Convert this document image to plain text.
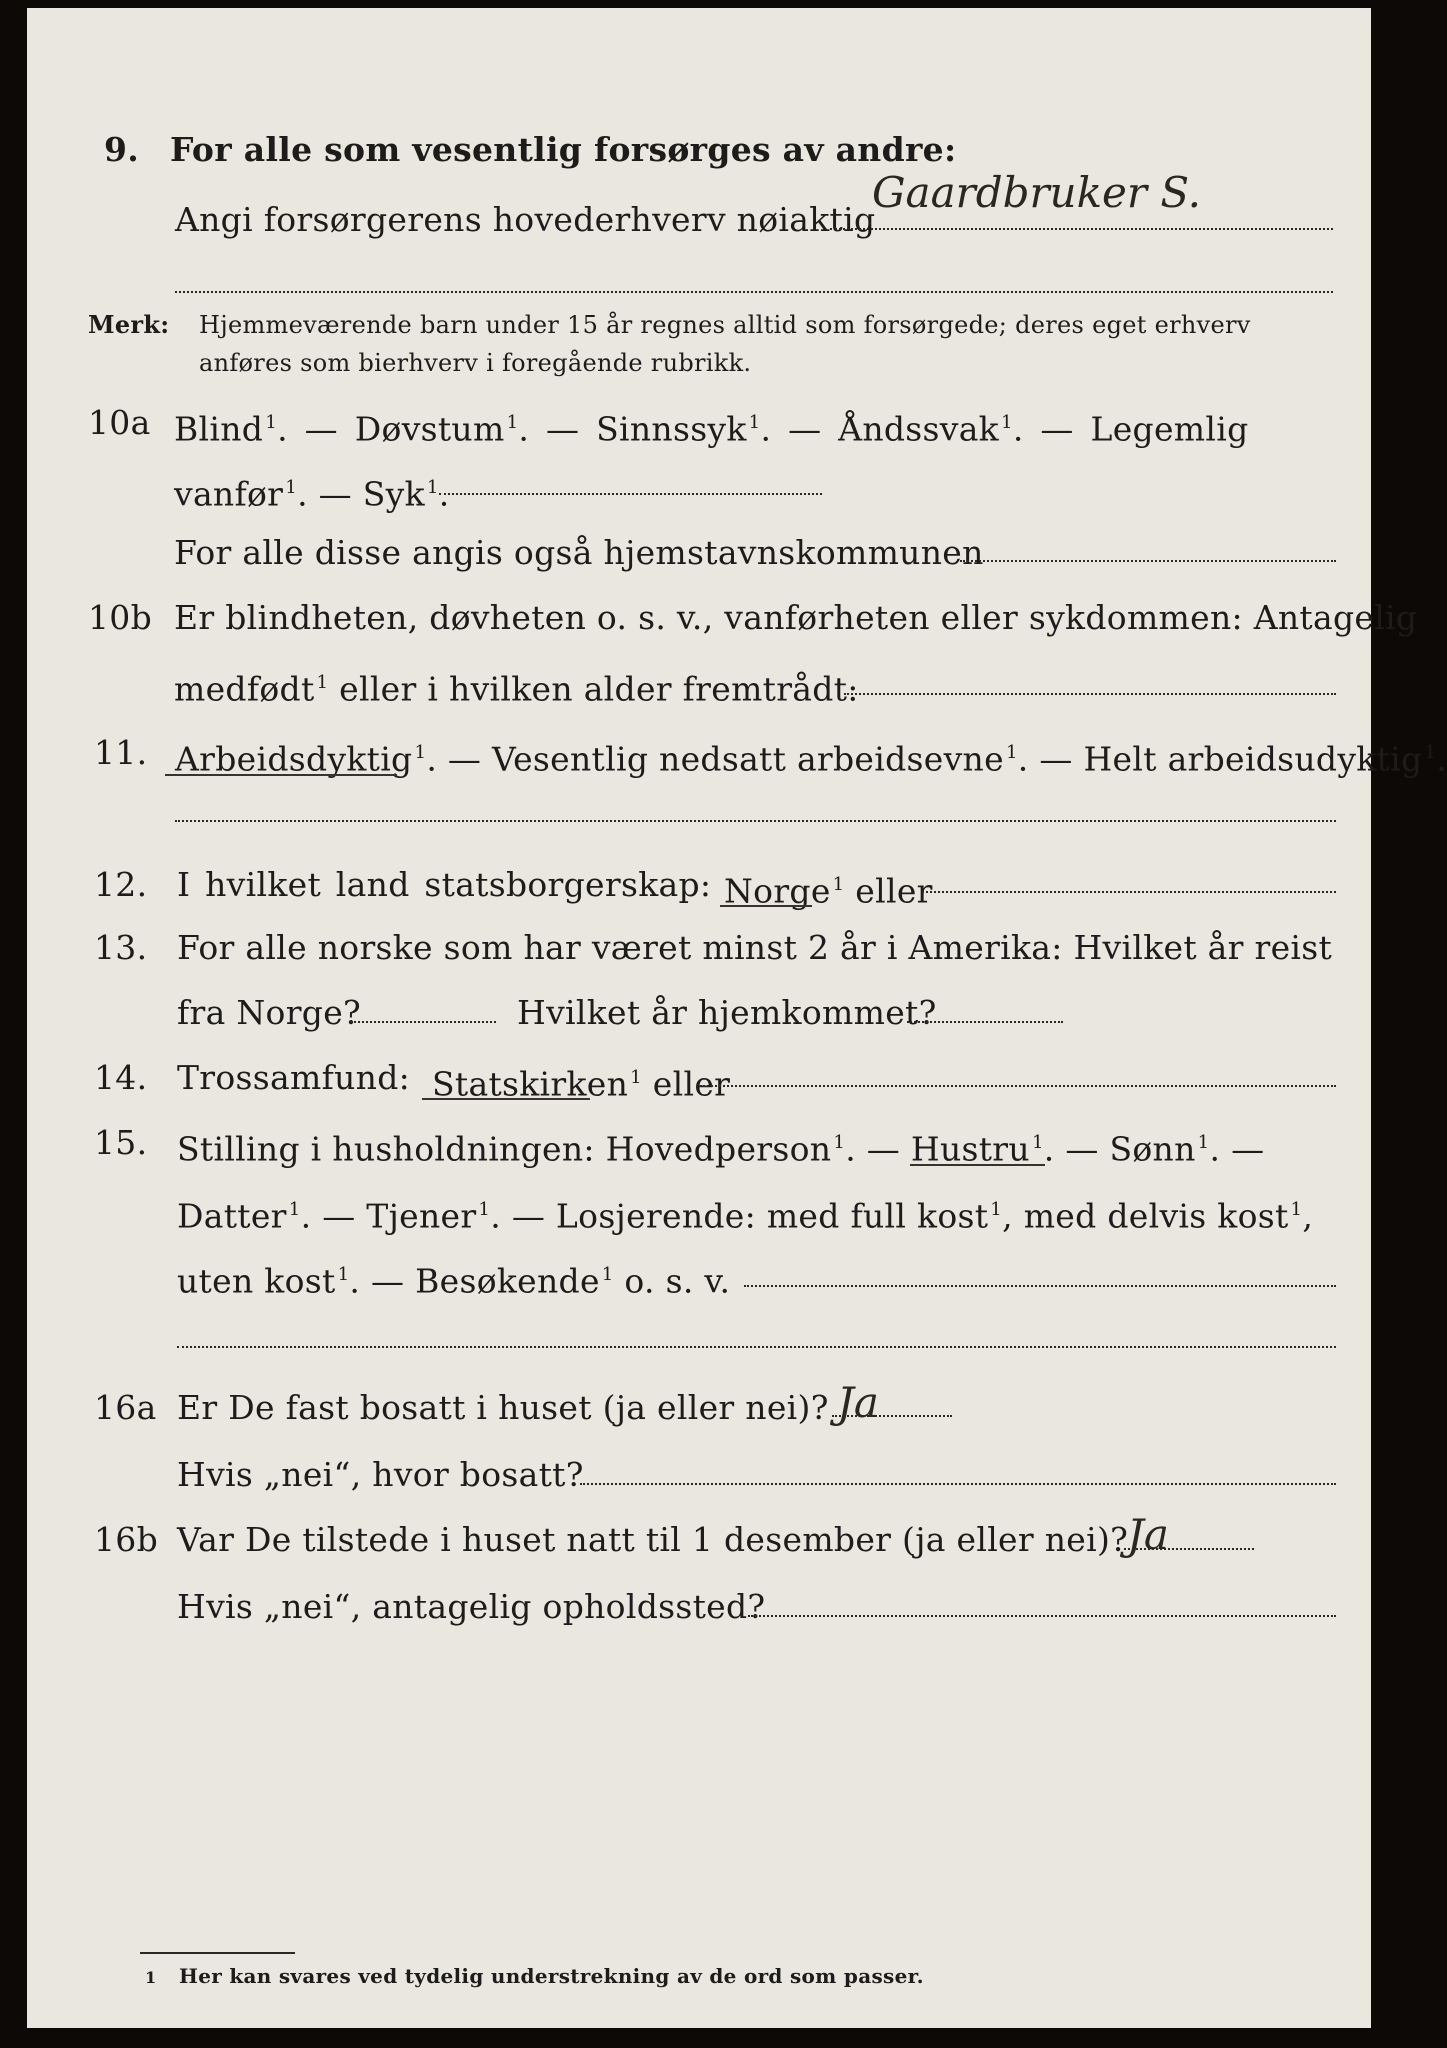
9. For alle som vesentlig forsørges av andre:
Angi forsørgerens hovederhverv nøiaktig
Gaardbruker S.
Merk: Hjemmeværende barn under 15 år regnes alltid som forsørgede; deres eget erhverv
anføres som bierhverv i foregående rubrikk.
10a Blind $^1$. — Døvstum $^1$. — Sinnssyk $^1$. — Åndssvak $^1$. — Legemlig
vanfør $^1$. — Syk $^1$.
For alle disse angis også hjemstavnskommunen
10b Er blindheten, døvheten o. s. v., vanførheten eller sykdommen: Antagelig
medfødt $^1$ eller i hvilken alder fremtrådt:
11. Arbeidsdyktig $^1$. — Vesentlig nedsatt arbeidsevne $^1$. — Helt arbeidsudyktig $^1$.
12. I hvilket land statsborgerskap: Norge $^1$ eller
13. For alle norske som har været minst 2 år i Amerika: Hvilket år reist
fra Norge?	Hvilket år hjemkommet?
14. Trossamfund: Statskirken $^1$ eller
15. Stilling i husholdningen: Hovedperson $^1$. — Hustru $^1$. — Sønn $^1$. —
Datter $^1$. — Tjener $^1$. — Losjerende: med full kost $^1$, med delvis kost $^1$,
uten kost $^1$. — Besøkende $^1$ o. s. v.
16a Er De fast bosatt i huset (ja eller nei)? Ja
Hvis „nei“, hvor bosatt?
16b Var De tilstede i huset natt til 1 desember (ja eller nei)?
Ja
Hvis „nei“, antagelig opholdssted?
1 Her kan svares ved tydelig understrekning av de ord som passer.
